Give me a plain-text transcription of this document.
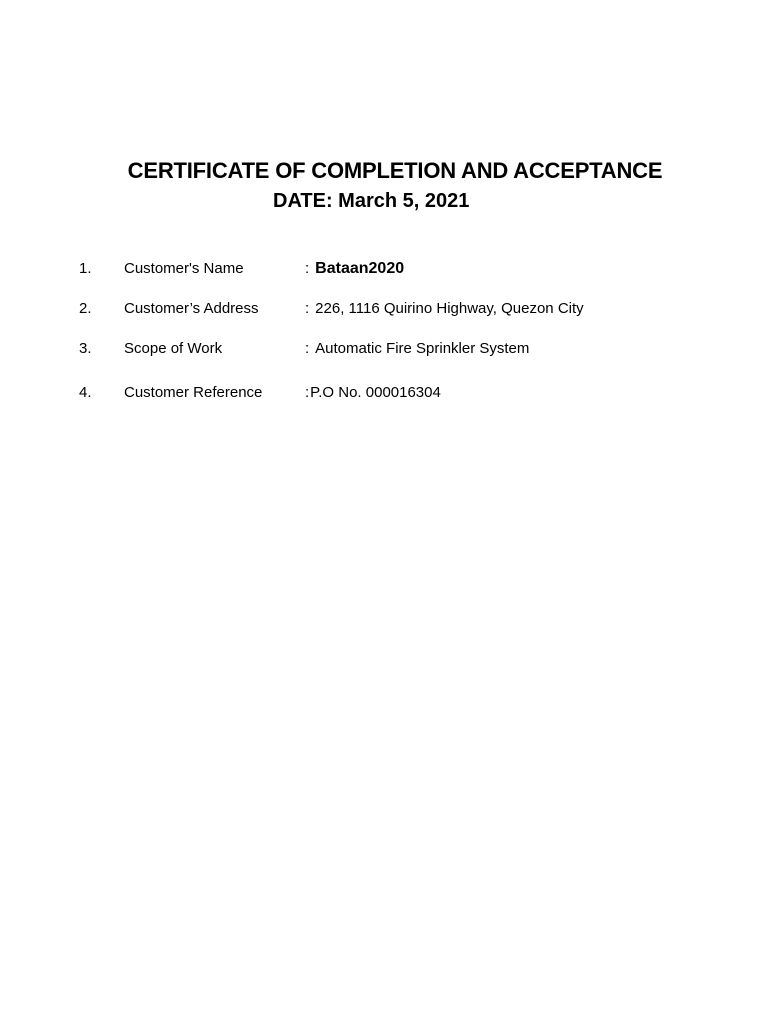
CERTIFICATE OF COMPLETION AND ACCEPTANCE
DATE: March 5, 2021
1. Customer's Name	: Bataan2020
2. Customer’s Address	: 226, 1116 Quirino Highway, Quezon City
3. Scope of Work	: Automatic Fire Sprinkler System
4. Customer Reference	:P.O No. 000016304
